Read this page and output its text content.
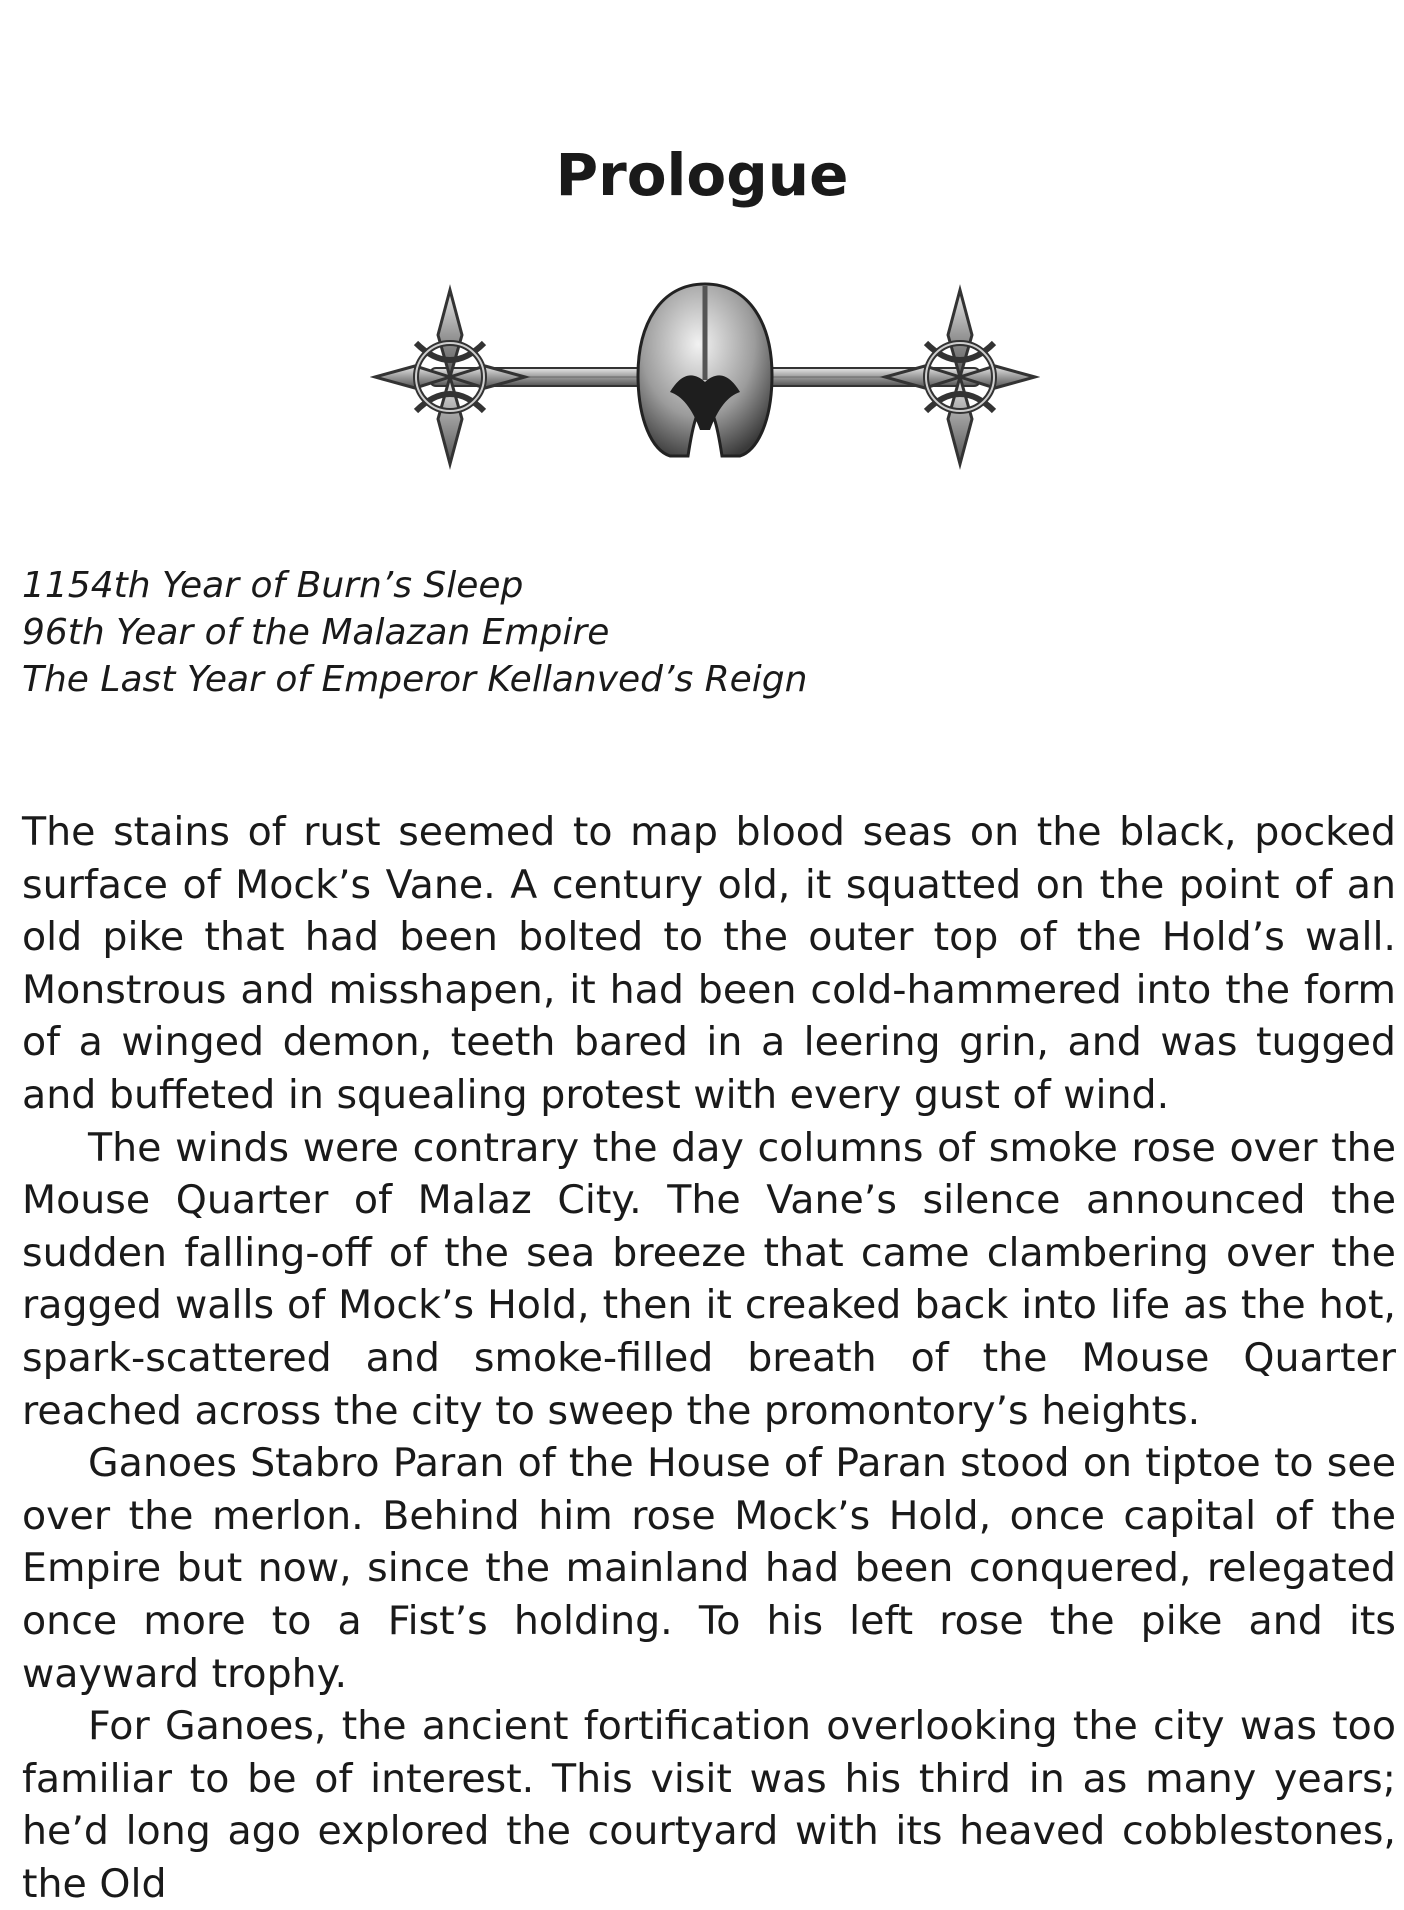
Prologue
1154th Year of Burn’s Sleep
96th Year of the Malazan Empire
The Last Year of Emperor Kellanved’s Reign

The stains of rust seemed to map blood seas on the black, pocked surface of Mock’s Vane. A century old, it squatted on the point of an old pike that had been bolted to the outer top of the Hold’s wall. Monstrous and misshapen, it had been cold-hammered into the form of a winged demon, teeth bared in a leering grin, and was tugged and buffeted in squealing protest with every gust of wind.

The winds were contrary the day columns of smoke rose over the Mouse Quarter of Malaz City. The Vane’s silence announced the sudden falling-off of the sea breeze that came clambering over the ragged walls of Mock’s Hold, then it creaked back into life as the hot, spark-scattered and smoke-filled breath of the Mouse Quarter reached across the city to sweep the promontory’s heights.

Ganoes Stabro Paran of the House of Paran stood on tiptoe to see over the merlon. Behind him rose Mock’s Hold, once capital of the Empire but now, since the mainland had been conquered, relegated once more to a Fist’s holding. To his left rose the pike and its wayward trophy.

For Ganoes, the ancient fortification overlooking the city was too familiar to be of interest. This visit was his third in as many years; he’d long ago explored the courtyard with its heaved cobblestones, the Old
